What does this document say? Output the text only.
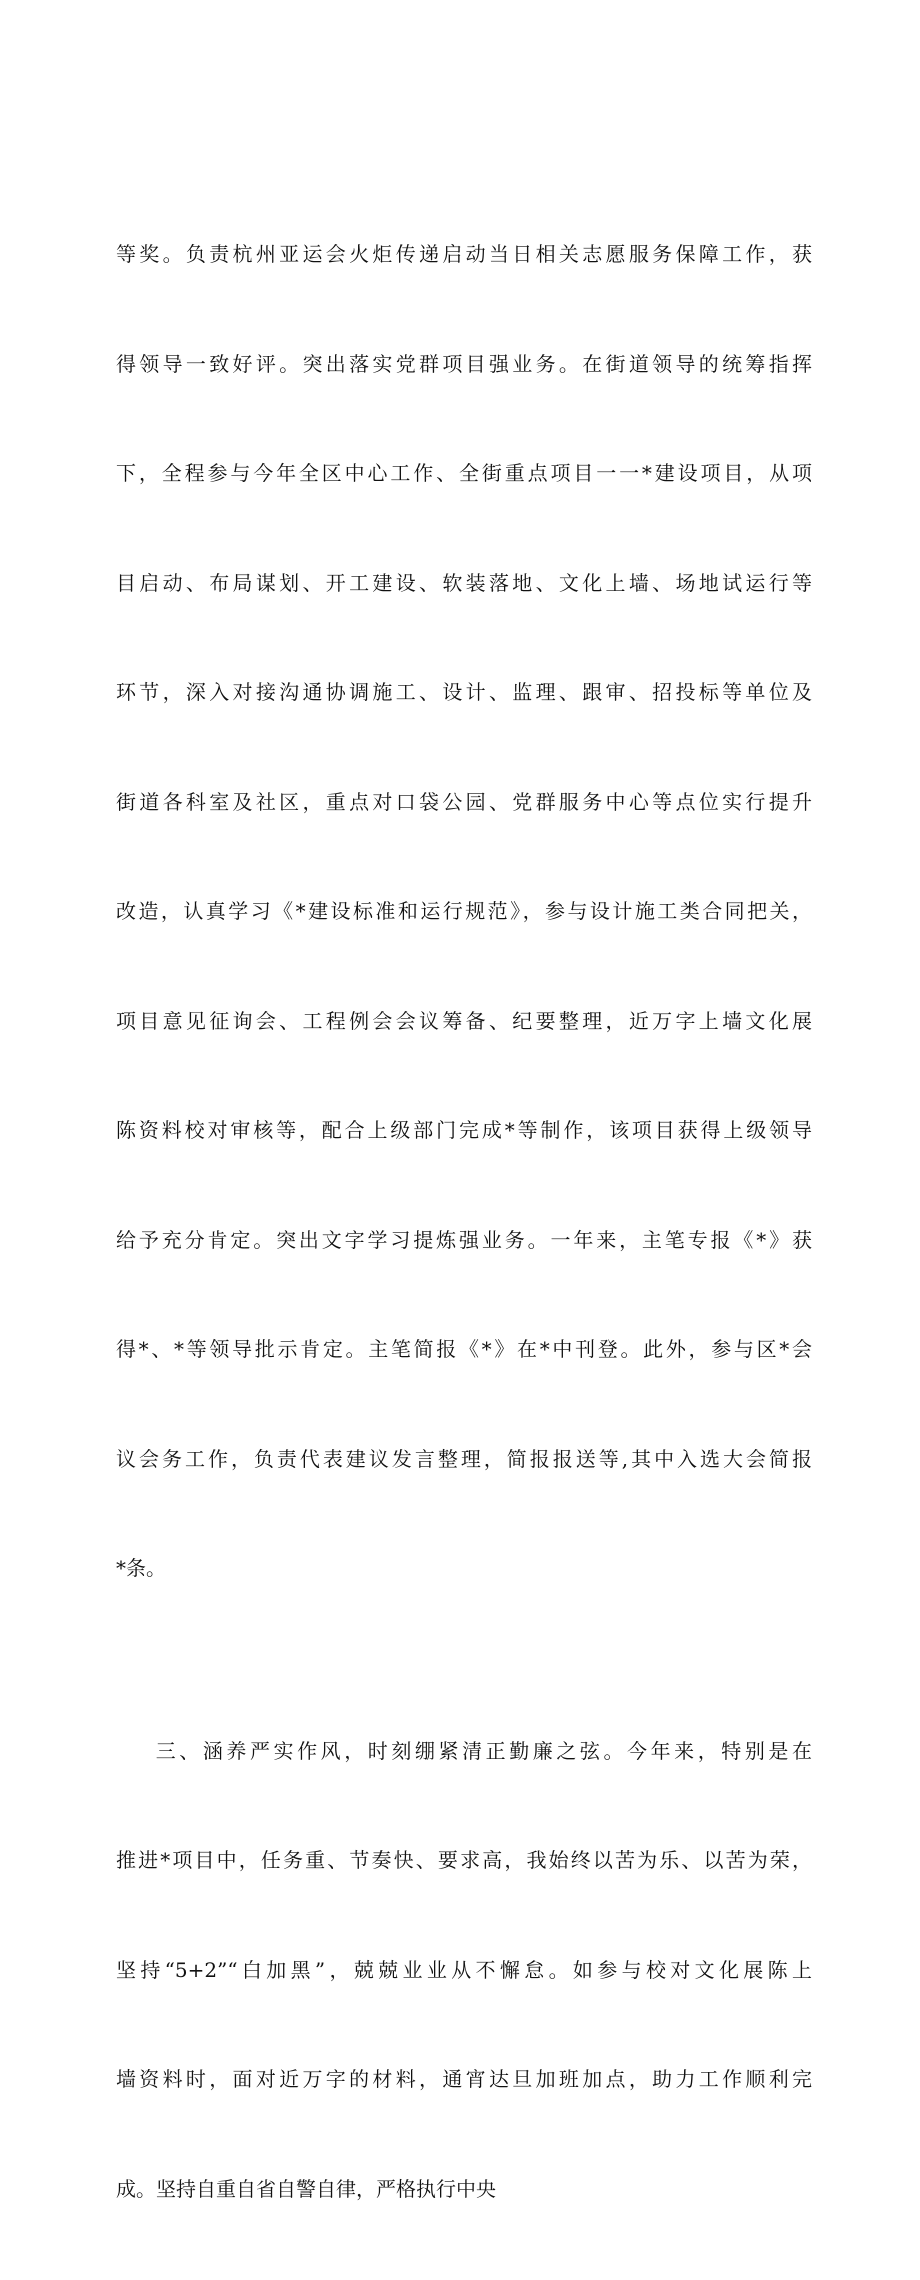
等奖。负责杭州亚运会火炬传递启动当日相关志愿服务保障工作，获

得领导一致好评。突出落实党群项目强业务。在街道领导的统筹指挥

下，全程参与今年全区中心工作、全街重点项目一一*建设项目，从项

目启动、布局谋划、开工建设、软装落地、文化上墙、场地试运行等

环节，深入对接沟通协调施工、设计、监理、跟审、招投标等单位及

街道各科室及社区，重点对口袋公园、党群服务中心等点位实行提升

改造，认真学习《*建设标准和运行规范》，参与设计施工类合同把关，

项目意见征询会、工程例会会议筹备、纪要整理，近万字上墙文化展

陈资料校对审核等，配合上级部门完成*等制作，该项目获得上级领导

给予充分肯定。突出文字学习提炼强业务。一年来，主笔专报《*》获

得*、*等领导批示肯定。主笔简报《*》在*中刊登。此外，参与区*会

议会务工作，负责代表建议发言整理，简报报送等,其中入选大会简报

*条。

三、涵养严实作风，时刻绷紧清正勤廉之弦。今年来，特别是在

推进*项目中，任务重、节奏快、要求高，我始终以苦为乐、以苦为荣，

坚持“5+2”“白加黑”，兢兢业业从不懈怠。如参与校对文化展陈上

墙资料时，面对近万字的材料，通宵达旦加班加点，助力工作顺利完

成。坚持自重自省自警自律，严格执行中央
